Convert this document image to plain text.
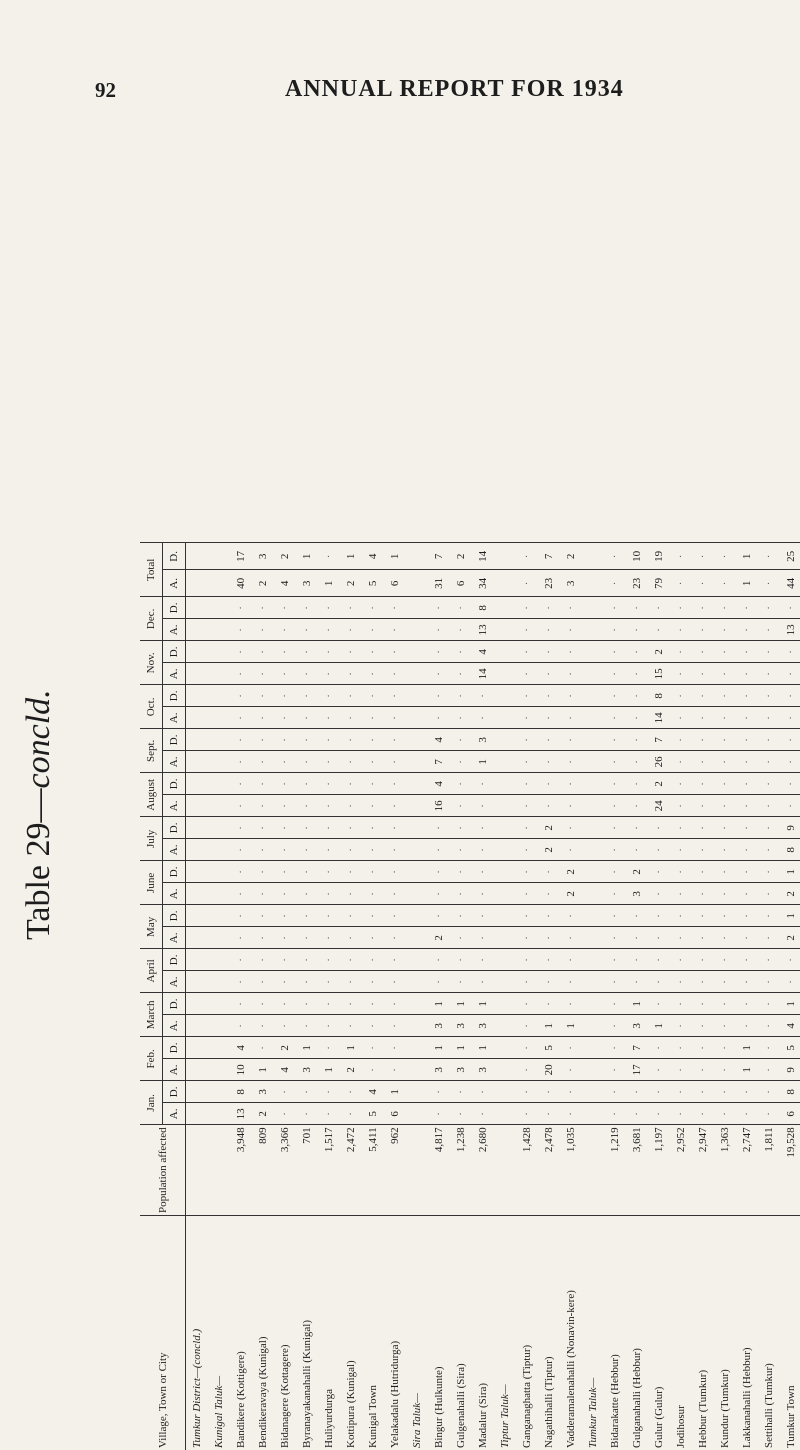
92	ANNUAL REPORT FOR 1934
Table 29—concld.
Village, Town or City	Population affected	Jan.		Feb.		March		April		May		June		July		August		Sept.		Oct.		Nov.		Dec.		Total	
		A.	D.	A.	D.	A.	D.	A.	D.	A.	D.	A.	D.	A.	D.	A.	D.	A.	D.	A.	D.	A.	D.	A.	D.	A.	D.
Tumkur District—(concld.)																											
Kunigal Taluk—																											
Bandikere (Kottigere)	3,948	13	8	10	4	·	·	·	·	·	·	·	·	·	·	·	·	·	·	·	·	·	·	·	·	40	17
Bendikeravaya (Kunigal)	809	2	3	1	·	·	·	·	·	·	·	·	·	·	·	·	·	·	·	·	·	·	·	·	·	2	3
Bidanagere (Kottagere)	3,366	·	·	4	2	·	·	·	·	·	·	·	·	·	·	·	·	·	·	·	·	·	·	·	·	4	2
Byranayakanahalli (Kunigal)	701	·	·	3	1	·	·	·	·	·	·	·	·	·	·	·	·	·	·	·	·	·	·	·	·	3	1
Huliyurdurga	1,517	·	·	1	·	·	·	·	·	·	·	·	·	·	·	·	·	·	·	·	·	·	·	·	·	1	·
Kottipura (Kunigal)	2,472	·	·	2	1	·	·	·	·	·	·	·	·	·	·	·	·	·	·	·	·	·	·	·	·	2	1
Kunigal Town	5,411	5	4	·	·	·	·	·	·	·	·	·	·	·	·	·	·	·	·	·	·	·	·	·	·	5	4
Yelakadalu (Hutridurga)	962	6	1	·	·	·	·	·	·	·	·	·	·	·	·	·	·	·	·	·	·	·	·	·	·	6	1
Sira Taluk—																											
Bingur (Hulkunte)	4,817	·	·	3	1	3	1	·	·	2	·	·	·	·	·	16	4	7	4	·	·	·	·	·	·	31	7
Gulgenahalli (Sira)	1,238	·	·	3	1	3	1	·	·	·	·	·	·	·	·	·	·	·	·	·	·	·	·	·	·	6	2
Madalur (Sira)	2,680	·	·	3	1	3	1	·	·	·	·	·	·	·	·	·	·	1	3	·	·	14	4	13	8	34	14
Tiptur Taluk—																											
Ganganaghatta (Tiptur)	1,428	·	·	·	·	·	·	·	·	·	·	·	·	·	·	·	·	·	·	·	·	·	·	·	·	·	·
Nagathihalli (Tiptur)	2,478	·	·	20	5	1	·	·	·	·	·	·	·	2	2	·	·	·	·	·	·	·	·	·	·	23	7
Vadderamalenahalli (Nonavin-kere)	1,035	·	·	·	·	1	·	·	·	·	·	2	2	·	·	·	·	·	·	·	·	·	·	·	·	3	2
Tumkur Taluk—																											
Bidarakatte (Hebbur)	1,219	·	·	·	·	·	·	·	·	·	·	·	·	·	·	·	·	·	·	·	·	·	·	·	·	·	·
Gulganahalli (Hebbur)	3,681	·	·	17	7	3	1	·	·	·	·	3	2	·	·	·	·	·	·	·	·	·	·	·	·	23	10
Gulur (Gulur)	1,197	·	·	·	·	1	·	·	·	·	·	·	·	·	·	24	2	26	7	14	8	15	2	·	·	79	19
Jodihosur	2,952	·	·	·	·	·	·	·	·	·	·	·	·	·	·	·	·	·	·	·	·	·	·	·	·	·	·
Hebbur (Tumkur)	2,947	·	·	·	·	·	·	·	·	·	·	·	·	·	·	·	·	·	·	·	·	·	·	·	·	·	·
Kundur (Tumkur)	1,363	·	·	·	·	·	·	·	·	·	·	·	·	·	·	·	·	·	·	·	·	·	·	·	·	·	·
Lakkanahalli (Hebbur)	2,747	·	·	1	1	·	·	·	·	·	·	·	·	·	·	·	·	·	·	·	·	·	·	·	·	1	1
Settihalli (Tumkur)	1,811	·	·	·	·	·	·	·	·	·	·	·	·	·	·	·	·	·	·	·	·	·	·	·	·	·	·
Tumkur Town	19,528	6	8	9	5	4	1	·	·	2	1	2	1	8	9	·	·	·	·	·	·	·	·	13	·	44	25
